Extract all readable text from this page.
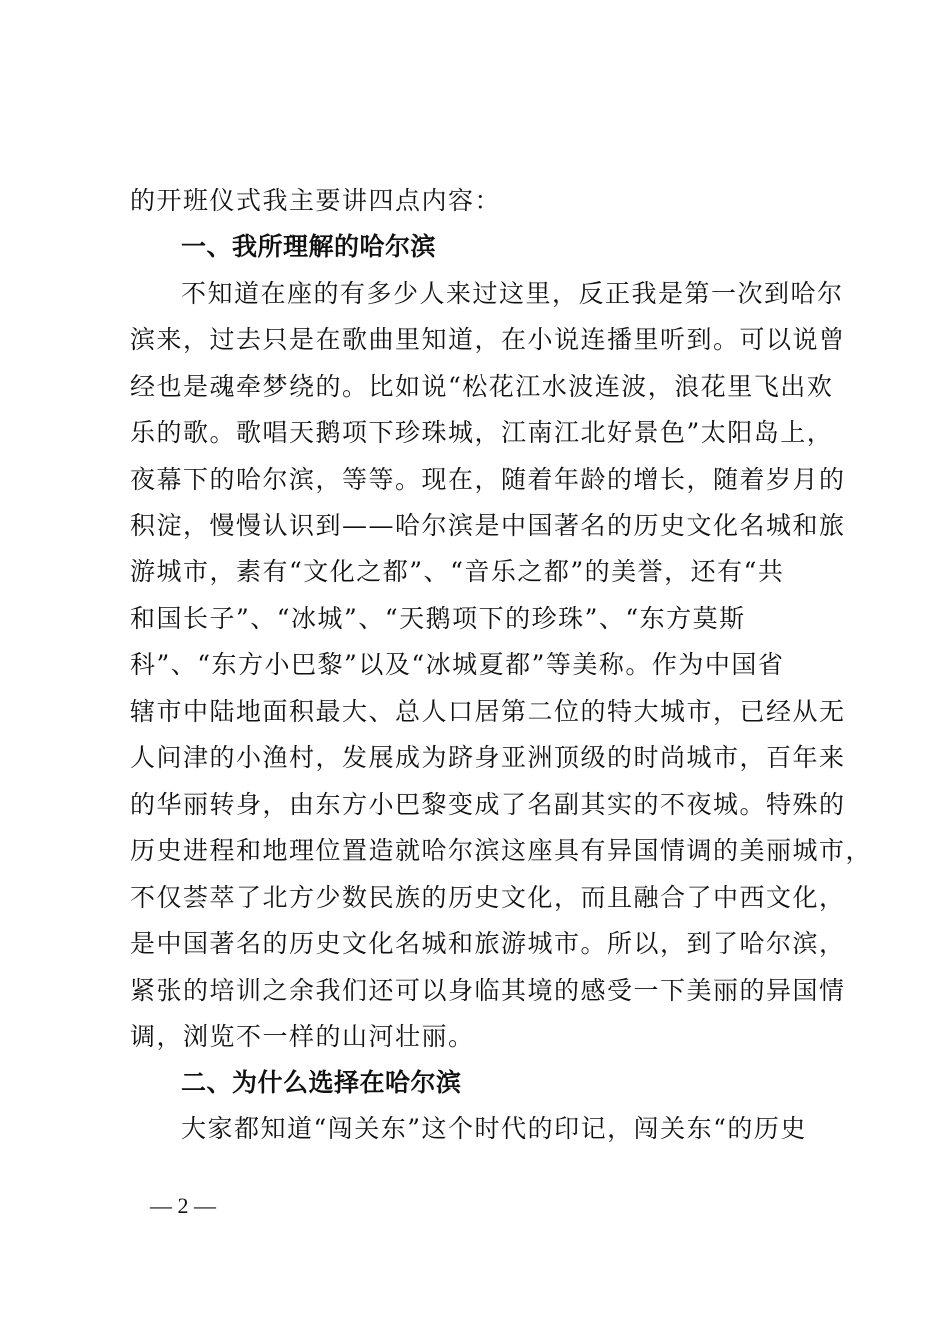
的开班仪式我主要讲四点内容：
一、我所理解的哈尔滨
不知道在座的有多少人来过这里，反正我是第一次到哈尔
滨来，过去只是在歌曲里知道，在小说连播里听到。可以说曾
经也是魂牵梦绕的。比如说“松花江水波连波，浪花里飞出欢
乐的歌。歌唱天鹅项下珍珠城，江南江北好景色”太阳岛上，
夜幕下的哈尔滨，等等。现在，随着年龄的增长，随着岁月的
积淀，慢慢认识到——哈尔滨是中国著名的历史文化名城和旅
游城市，素有“文化之都”、“音乐之都”的美誉，还有“共
和国长子”、“冰城”、“天鹅项下的珍珠”、“东方莫斯
科”、“东方小巴黎”以及“冰城夏都”等美称。作为中国省
辖市中陆地面积最大、总人口居第二位的特大城市，已经从无
人问津的小渔村，发展成为跻身亚洲顶级的时尚城市，百年来
的华丽转身，由东方小巴黎变成了名副其实的不夜城。特殊的
历史进程和地理位置造就哈尔滨这座具有异国情调的美丽城市，
不仅荟萃了北方少数民族的历史文化，而且融合了中西文化，
是中国著名的历史文化名城和旅游城市。所以，到了哈尔滨，
紧张的培训之余我们还可以身临其境的感受一下美丽的异国情
调，浏览不一样的山河壮丽。
二、为什么选择在哈尔滨
大家都知道“闯关东”这个时代的印记，闯关东“的历史
— 2 —
